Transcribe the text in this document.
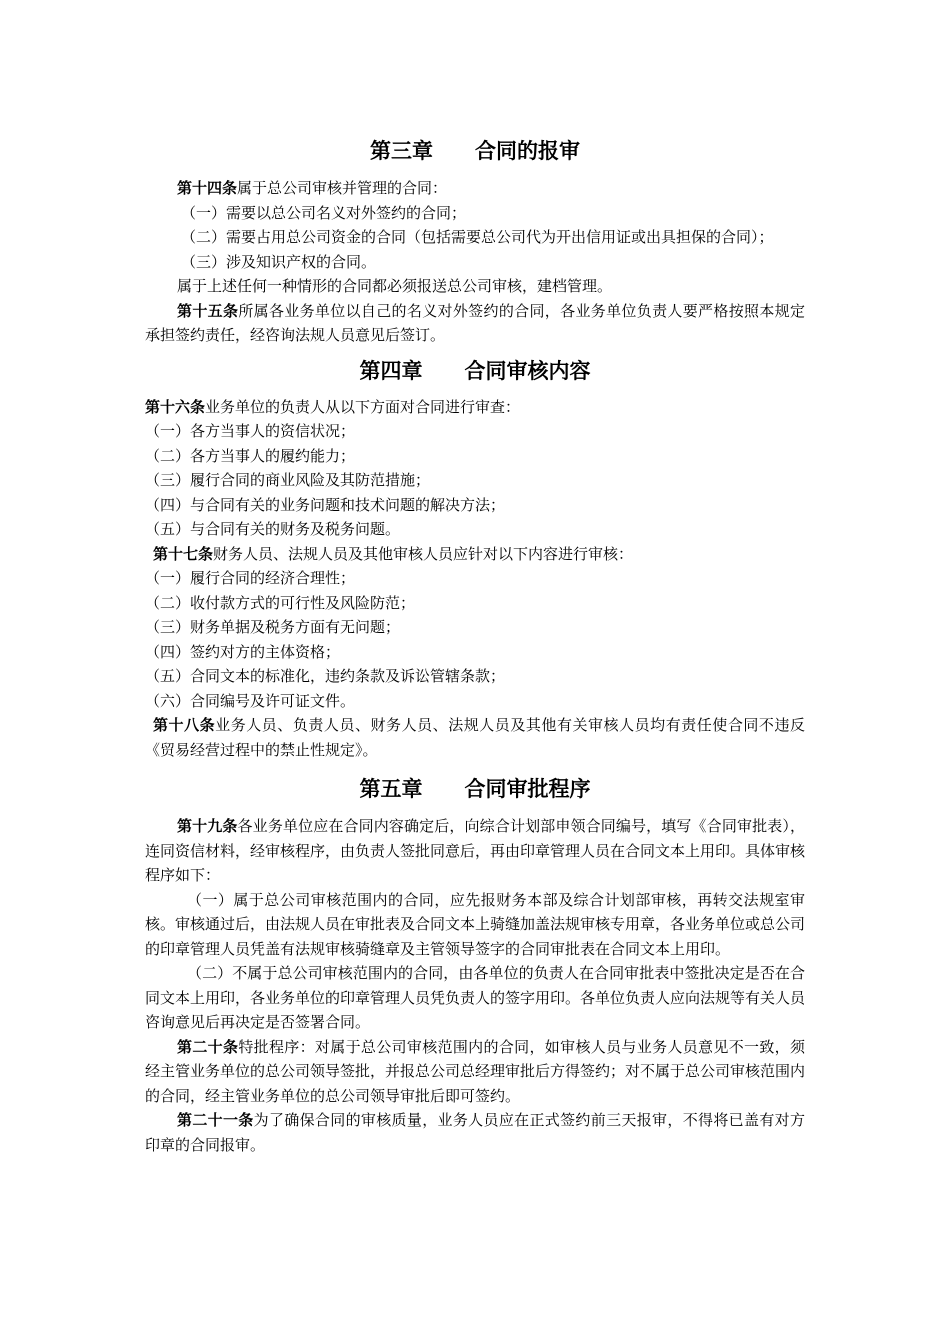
第三章　　合同的报审

第十四条属于总公司审核并管理的合同：

（一）需要以总公司名义对外签约的合同；

（二）需要占用总公司资金的合同（包括需要总公司代为开出信用证或出具担保的合同）；

（三）涉及知识产权的合同。

属于上述任何一种情形的合同都必须报送总公司审核，建档管理。

第十五条所属各业务单位以自己的名义对外签约的合同，各业务单位负责人要严格按照本规定承担签约责任，经咨询法规人员意见后签订。

第四章　　合同审核内容

第十六条业务单位的负责人从以下方面对合同进行审查：

（一）各方当事人的资信状况；

（二）各方当事人的履约能力；

（三）履行合同的商业风险及其防范措施；

（四）与合同有关的业务问题和技术问题的解决方法；

（五）与合同有关的财务及税务问题。

第十七条财务人员、法规人员及其他审核人员应针对以下内容进行审核：

（一）履行合同的经济合理性；

（二）收付款方式的可行性及风险防范；

（三）财务单据及税务方面有无问题；

（四）签约对方的主体资格；

（五）合同文本的标准化，违约条款及诉讼管辖条款；

（六）合同编号及许可证文件。

第十八条业务人员、负责人员、财务人员、法规人员及其他有关审核人员均有责任使合同不违反《贸易经营过程中的禁止性规定》。

第五章　　合同审批程序

第十九条各业务单位应在合同内容确定后，向综合计划部申领合同编号，填写《合同审批表），连同资信材料，经审核程序，由负责人签批同意后，再由印章管理人员在合同文本上用印。具体审核程序如下：

（一）属于总公司审核范围内的合同，应先报财务本部及综合计划部审核，再转交法规室审核。审核通过后，由法规人员在审批表及合同文本上骑缝加盖法规审核专用章，各业务单位或总公司的印章管理人员凭盖有法规审核骑缝章及主管领导签字的合同审批表在合同文本上用印。

（二）不属于总公司审核范围内的合同，由各单位的负责人在合同审批表中签批决定是否在合同文本上用印，各业务单位的印章管理人员凭负责人的签字用印。各单位负责人应向法规等有关人员咨询意见后再决定是否签署合同。

第二十条特批程序：对属于总公司审核范围内的合同，如审核人员与业务人员意见不一致，须经主管业务单位的总公司领导签批，并报总公司总经理审批后方得签约；对不属于总公司审核范围内的合同，经主管业务单位的总公司领导审批后即可签约。

第二十一条为了确保合同的审核质量，业务人员应在正式签约前三天报审，不得将已盖有对方印章的合同报审。
